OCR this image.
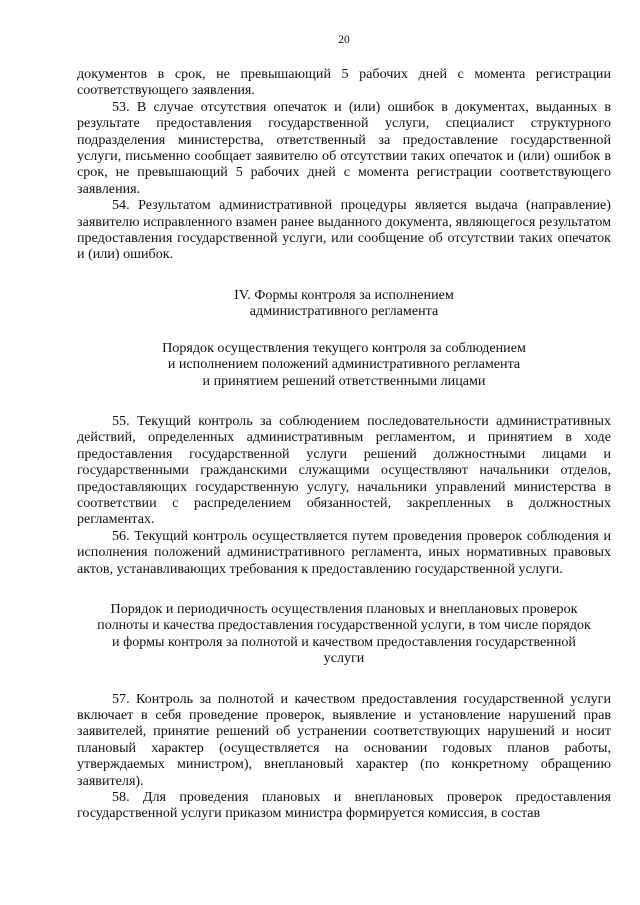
20

документов в срок, не превышающий 5 рабочих дней с момента регистрации соответствующего заявления.

53. В случае отсутствия опечаток и (или) ошибок в документах, выданных в результате предоставления государственной услуги, специалист структурного подразделения министерства, ответственный за предоставление государственной услуги, письменно сообщает заявителю об отсутствии таких опечаток и (или) ошибок в срок, не превышающий 5 рабочих дней с момента регистрации соответствующего заявления.

54. Результатом административной процедуры является выдача (направление) заявителю исправленного взамен ранее выданного документа, являющегося результатом предоставления государственной услуги, или сообщение об отсутствии таких опечаток и (или) ошибок.

IV. Формы контроля за исполнением
административного регламента
Порядок осуществления текущего контроля за соблюдением
и исполнением положений административного регламента
и принятием решений ответственными лицами

55. Текущий контроль за соблюдением последовательности административных действий, определенных административным регламентом, и принятием в ходе предоставления государственной услуги решений должностными лицами и государственными гражданскими служащими осуществляют начальники отделов, предоставляющих государственную услугу, начальники управлений министерства в соответствии с распределением обязанностей, закрепленных в должностных регламентах.

56. Текущий контроль осуществляется путем проведения проверок соблюдения и исполнения положений административного регламента, иных нормативных правовых актов, устанавливающих требования к предоставлению государственной услуги.

Порядок и периодичность осуществления плановых и внеплановых проверок
полноты и качества предоставления государственной услуги, в том числе порядок
и формы контроля за полнотой и качеством предоставления государственной
услуги

57. Контроль за полнотой и качеством предоставления государственной услуги включает в себя проведение проверок, выявление и установление нарушений прав заявителей, принятие решений об устранении соответствующих нарушений и носит плановый характер (осуществляется на основании годовых планов работы, утверждаемых министром), внеплановый характер (по конкретному обращению заявителя).

58. Для проведения плановых и внеплановых проверок предоставления государственной услуги приказом министра формируется комиссия, в состав
